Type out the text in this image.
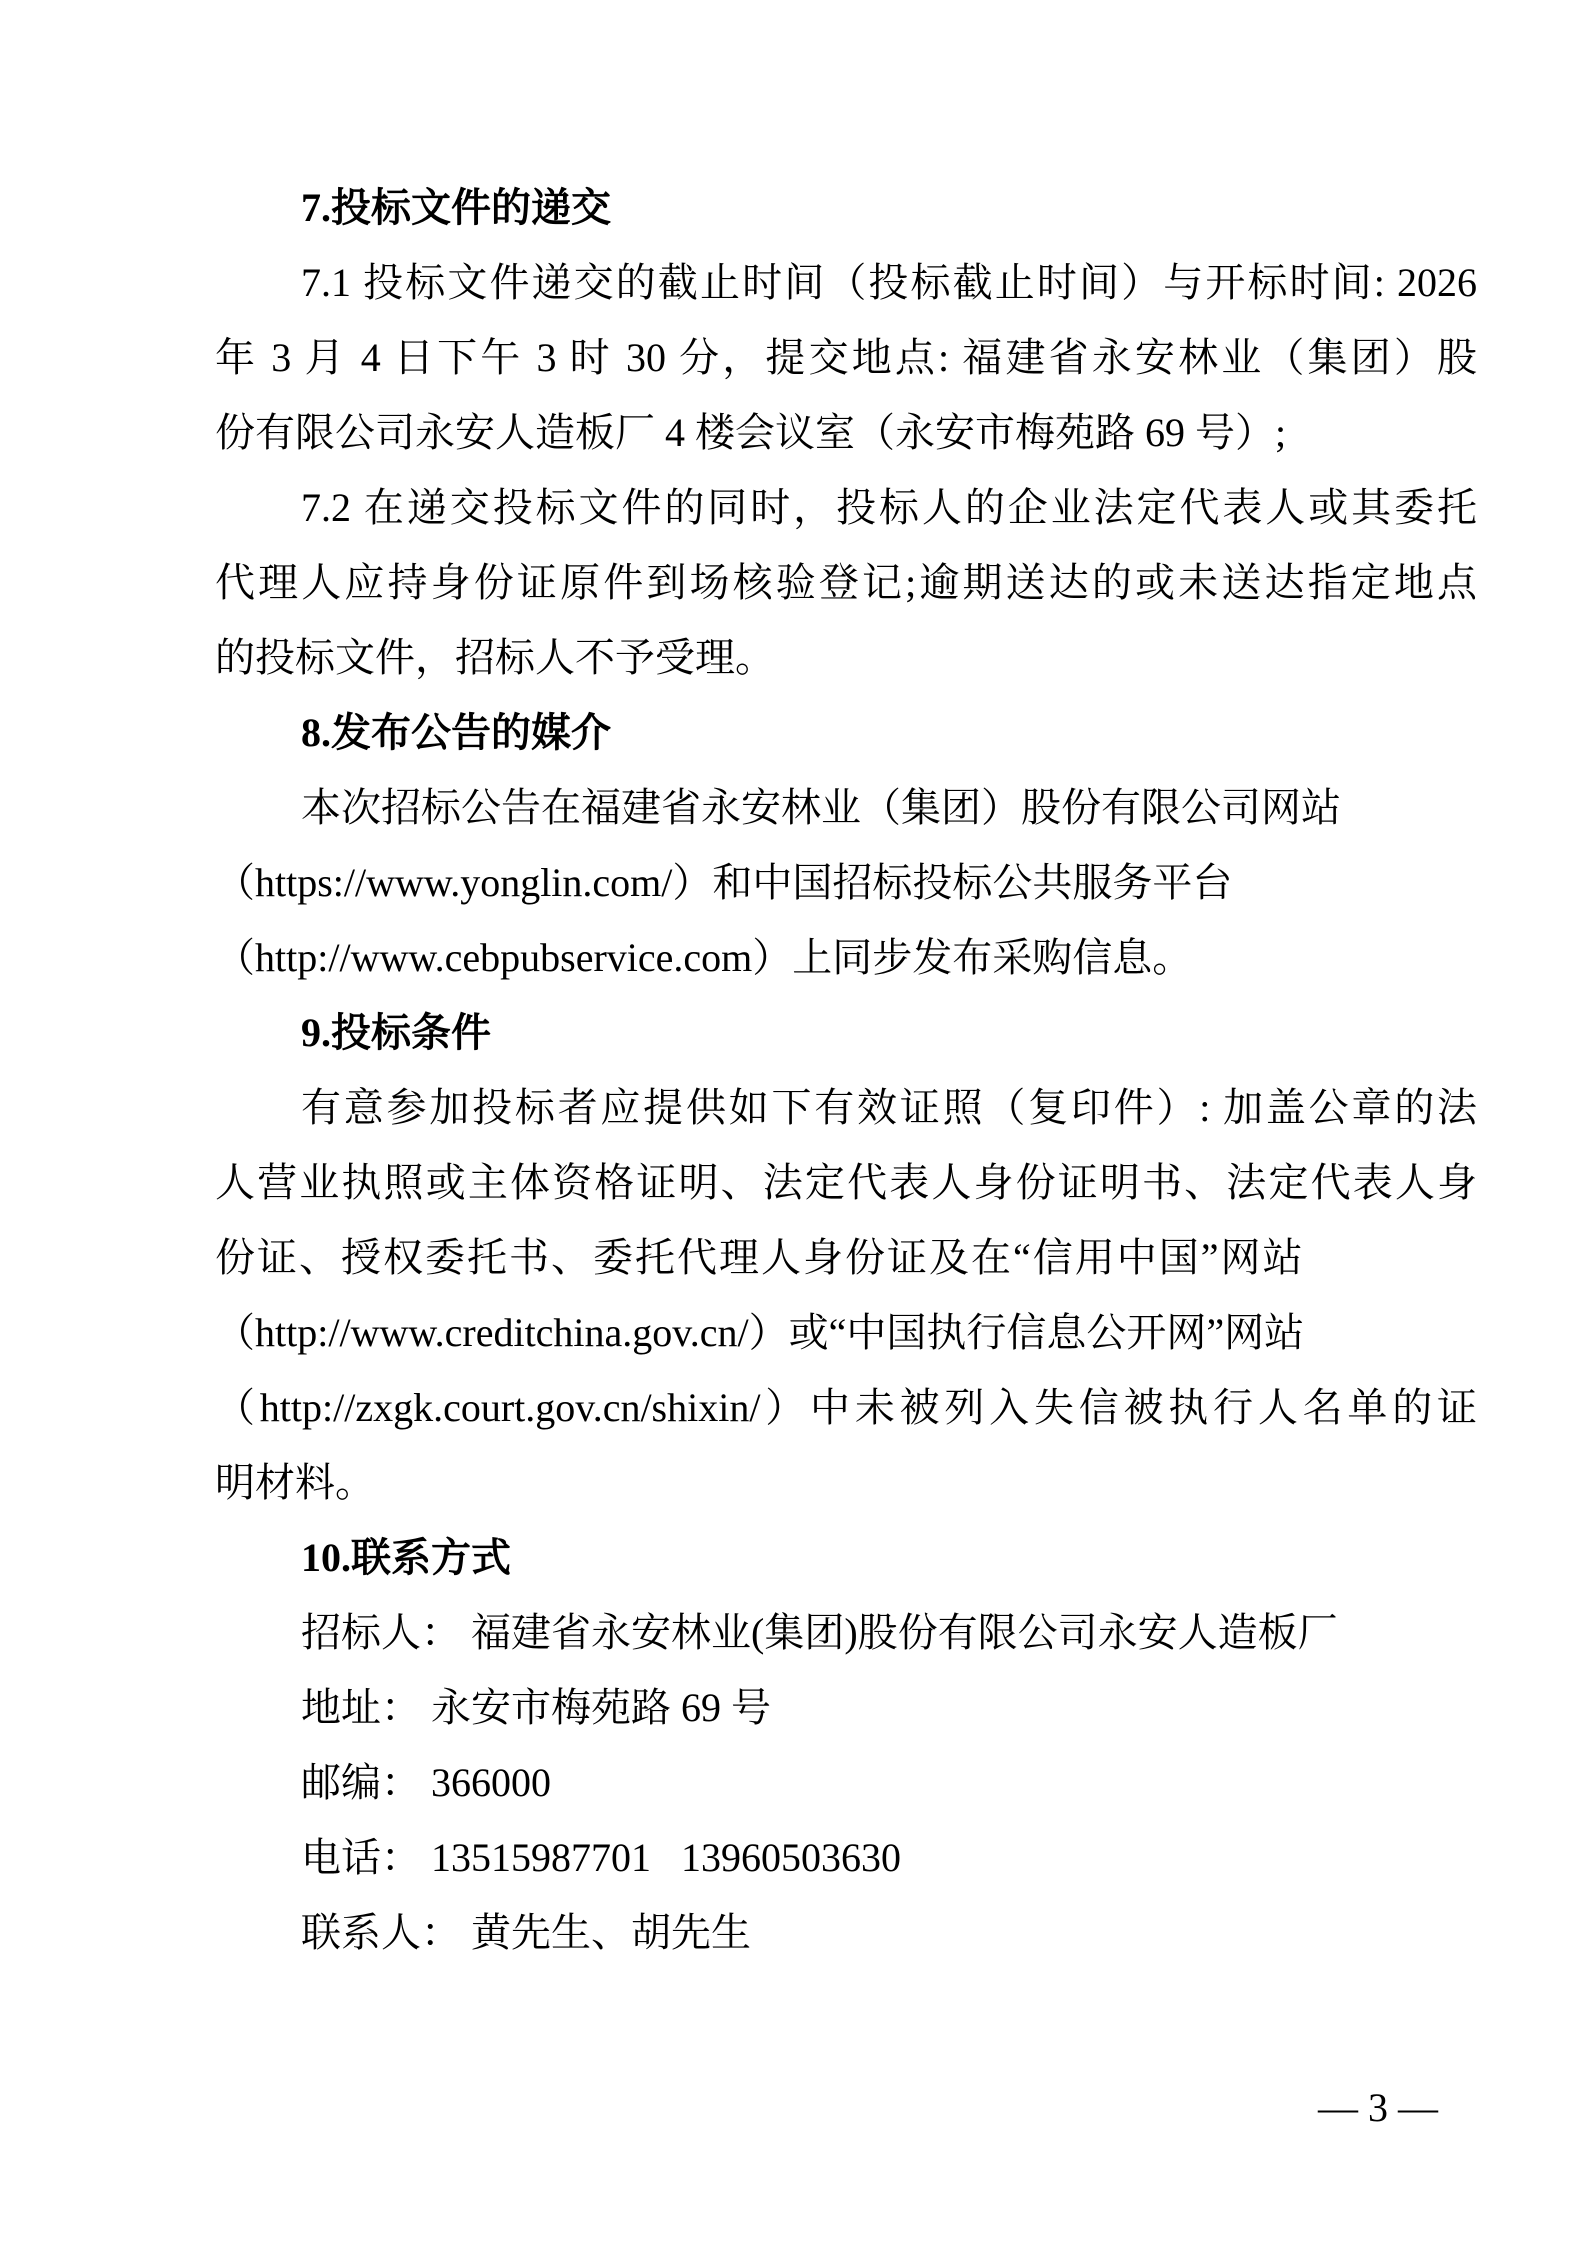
7.投标文件的递交
7.1 投标文件递交的截止时间（投标截止时间）与开标时间: 2026
年 3 月 4 日下午 3 时 30 分，提交地点: 福建省永安林业（集团）股
份有限公司永安人造板厂 4 楼会议室（永安市梅苑路 69 号）;
7.2 在递交投标文件的同时，投标人的企业法定代表人或其委托
代理人应持身份证原件到场核验登记;逾期送达的或未送达指定地点
的投标文件，招标人不予受理。
8.发布公告的媒介
本次招标公告在福建省永安林业（集团）股份有限公司网站
（https://www.yonglin.com/）和中国招标投标公共服务平台
（http://www.cebpubservice.com）上同步发布采购信息。
9.投标条件
有意参加投标者应提供如下有效证照（复印件）: 加盖公章的法
人营业执照或主体资格证明、法定代表人身份证明书、法定代表人身
份证、授权委托书、委托代理人身份证及在“信用中国”网站
（http://www.creditchina.gov.cn/）或“中国执行信息公开网”网站
（http://zxgk.court.gov.cn/shixin/）中未被列入失信被执行人名单的证
明材料。
10.联系方式
招标人： 福建省永安林业(集团)股份有限公司永安人造板厂
地址： 永安市梅苑路 69 号
邮编： 366000
电话： 13515987701   13960503630
联系人： 黄先生、胡先生
— 3 —
